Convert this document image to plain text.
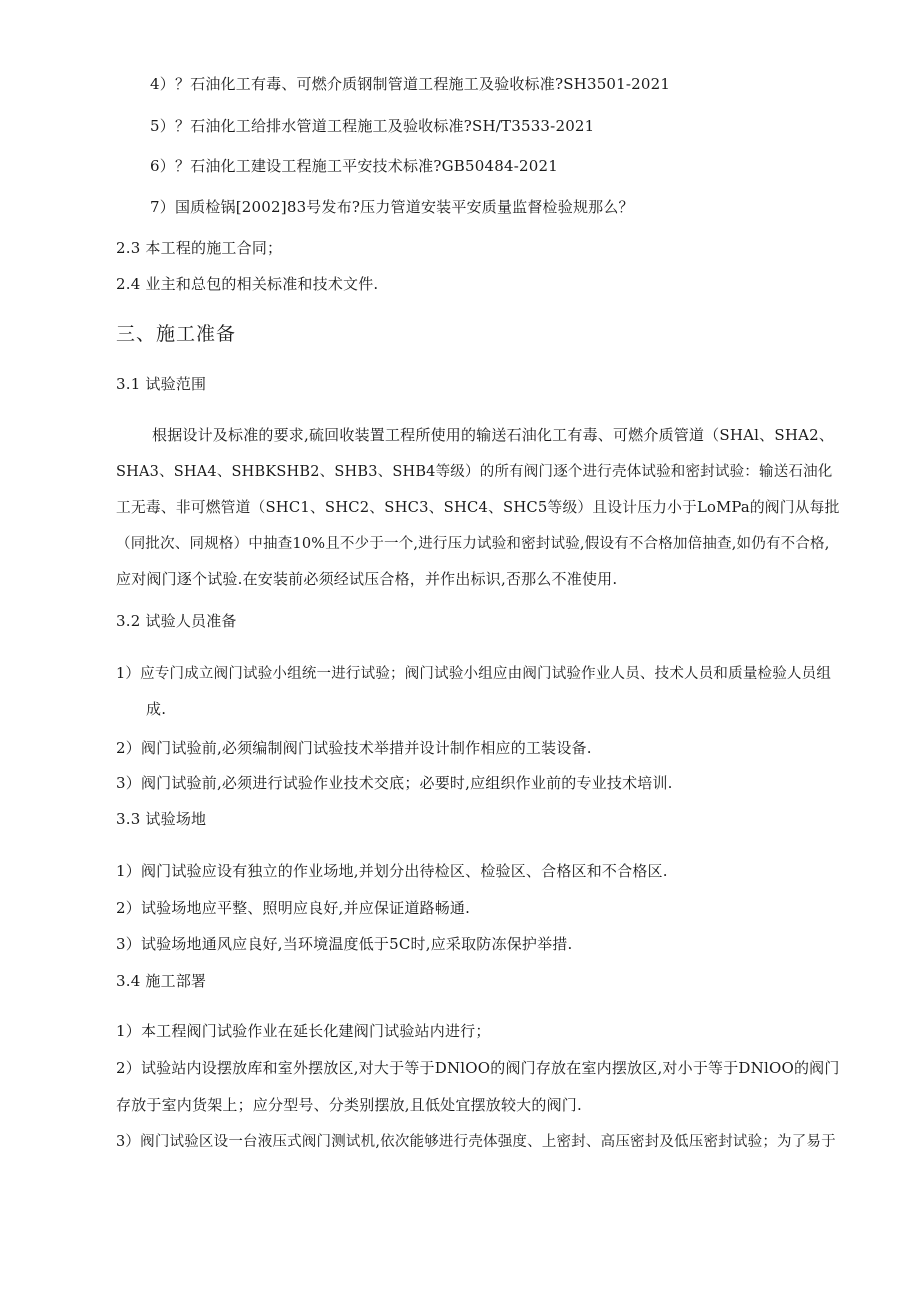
4）？石油化工有毒、可燃介质钢制管道工程施工及验收标准?SH3501-2021
5）？石油化工给排水管道工程施工及验收标准?SH/T3533-2021
6）？石油化工建设工程施工平安技术标准?GB50484-2021
7）国质检锅[2002]83号发布?压力管道安装平安质量监督检验规那么？
2.3 本工程的施工合同；
2.4 业主和总包的相关标准和技术文件.
三、施工准备
3.1 试验范围
根据设计及标准的要求,硫回收装置工程所使用的输送石油化工有毒、可燃介质管道（SHAl、SHA2、
SHA3、SHA4、SHBKSHB2、SHB3、SHB4等级）的所有阀门逐个进行壳体试验和密封试验：输送石油化
工无毒、非可燃管道（SHC1、SHC2、SHC3、SHC4、SHC5等级）且设计压力小于LoMPa的阀门从每批
（同批次、同规格）中抽查10%且不少于一个,进行压力试验和密封试验,假设有不合格加倍抽查,如仍有不合格,
应对阀门逐个试验.在安装前必须经试压合格，并作出标识,否那么不准使用.
3.2 试验人员准备
1）应专门成立阀门试验小组统一进行试验；阀门试验小组应由阀门试验作业人员、技术人员和质量检验人员组
成.
2）阀门试验前,必须编制阀门试验技术举措并设计制作相应的工装设备.
3）阀门试验前,必须进行试验作业技术交底；必要时,应组织作业前的专业技术培训.
3.3 试验场地
1）阀门试验应设有独立的作业场地,并划分出待检区、检验区、合格区和不合格区.
2）试验场地应平整、照明应良好,并应保证道路畅通.
3）试验场地通风应良好,当环境温度低于5C时,应采取防冻保护举措.
3.4 施工部署
1）本工程阀门试验作业在延长化建阀门试验站内进行；
2）试验站内设摆放库和室外摆放区,对大于等于DNlOO的阀门存放在室内摆放区,对小于等于DNlOO的阀门
存放于室内货架上；应分型号、分类别摆放,且低处宜摆放较大的阀门.
3）阀门试验区设一台液压式阀门测试机,依次能够进行壳体强度、上密封、高压密封及低压密封试验；为了易于
